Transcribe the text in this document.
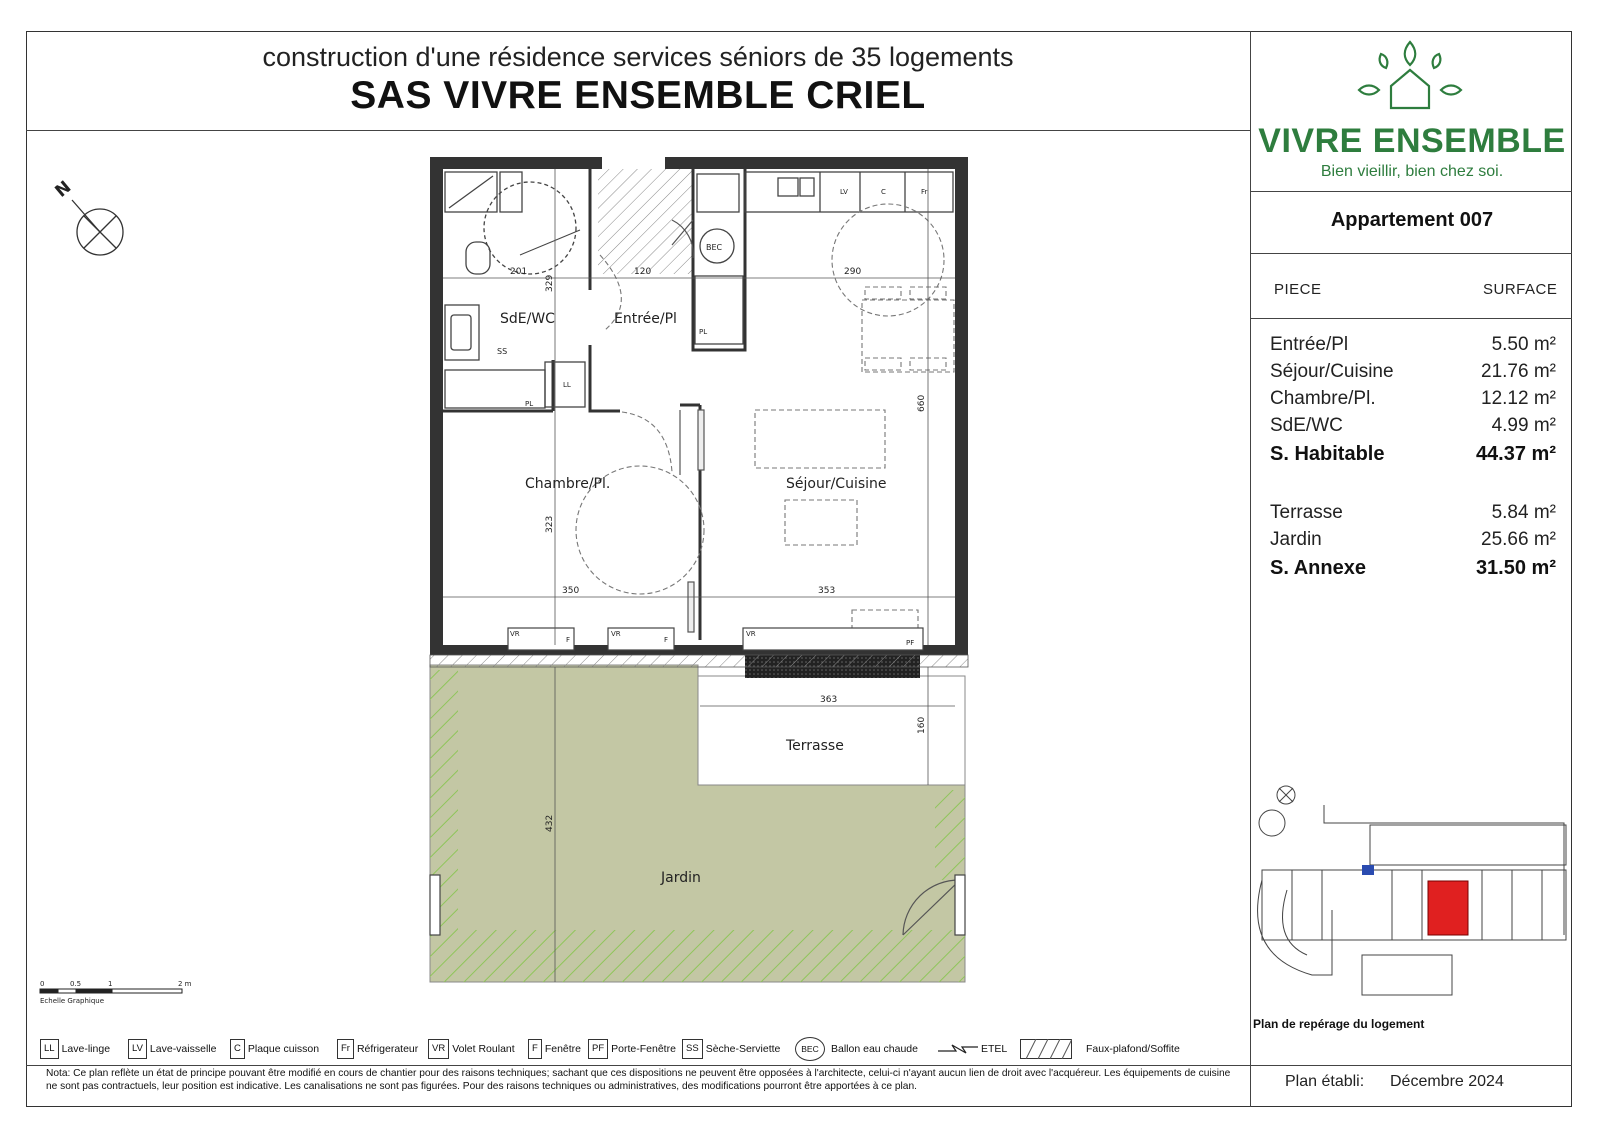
construction d'une résidence services séniors de 35 logements
SAS VIVRE ENSEMBLE CRIEL
VIVRE ENSEMBLE
Bien vieillir, bien chez soi.
Appartement 007
PIECE	SURFACE
Entrée/Pl	5.50 m²
Séjour/Cuisine	21.76 m²
Chambre/Pl.	12.12 m²
SdE/WC	4.99 m²
S. Habitable	44.37 m²
Terrasse	5.84 m²
Jardin	25.66 m²
S. Annexe	31.50 m²
201
329
120	290
660
323
350	353
363
160
432
BEC
SS
LL
PL
PL
LV	C	Fr
VR
F
VR
F
VR
PF
SdE/WC	Entrée/Pl
Chambre/Pl.	Séjour/Cuisine
Terrasse
Jardin
N
0	0.5	1	2 m
Echelle Graphique
Plan de repérage du logement
LL Lave-linge	LV Lave-vaisselle	C Plaque cuisson	Fr Réfrigerateur	VR Volet Roulant	F Fenêtre	PF Porte-Fenêtre	SS Sèche-Serviette	BEC	Ballon eau chaude	ETEL	Faux-plafond/Soffite
Nota: Ce plan reflète un état de principe pouvant être modifié en cours de chantier pour des raisons techniques; sachant que ces dispositions ne peuvent être opposées à l'architecte, celui-ci n'ayant aucun lien de droit avec l'acquéreur. Les équipements de cuisine ne sont pas contractuels, leur position est indicative. Les canalisations ne sont pas figurées. Pour des raisons techniques ou administratives, des modifications pourront être apportées à ce plan.	Plan établi: Décembre 2024
